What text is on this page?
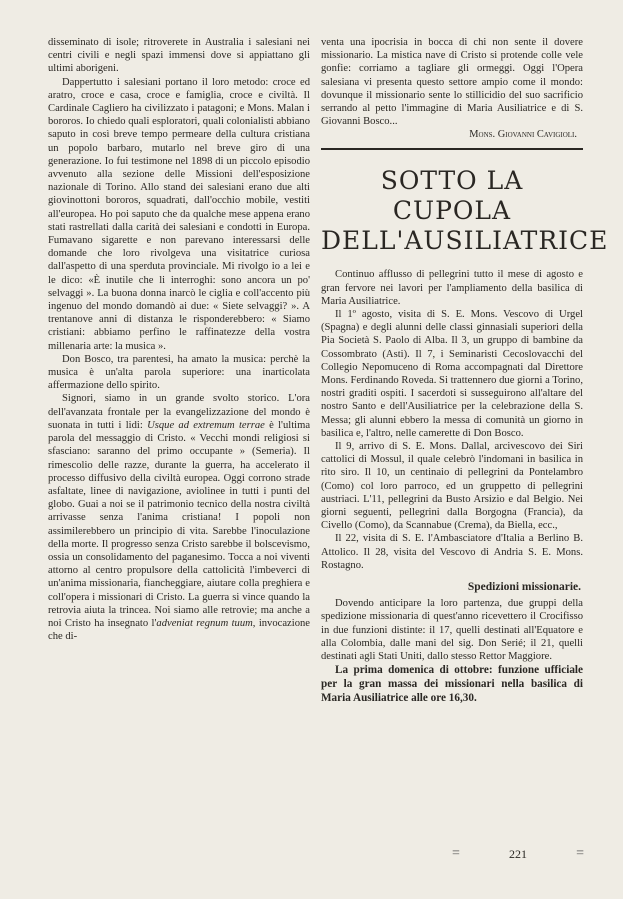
disseminato di isole; ritroverete in Australia i salesiani nei centri civili e negli spazi immensi dove si appiattano gli ultimi aborigeni.

Dappertutto i salesiani portano il loro metodo: croce ed aratro, croce e casa, croce e famiglia, croce e civiltà. Il Cardinale Cagliero ha civilizzato i patagoni; e Mons. Malan i bororos. Io chiedo quali esploratori, quali colonialisti abbiano saputo in così breve tempo permeare della cultura cristiana un popolo barbaro, mutarlo nel breve giro di una generazione. Io fui testimone nel 1898 di un piccolo episodio avvenuto alla sezione delle Missioni dell'esposizione nazionale di Torino. Allo stand dei salesiani erano due alti giovinottoni bororos, squadrati, dall'occhio mobile, vestiti all'europea. Ho poi saputo che da qualche mese appena erano stati rastrellati dalla carità dei salesiani e condotti in Europa. Fumavano sigarette e non parevano interessarsi delle domande che loro rivolgeva una visitatrice curiosa dall'aspetto di una sperduta provinciale. Mi rivolgo io a lei e le dico: «È inutile che li interroghi: sono ancora un po' selvaggi ». La buona donna inarcò le ciglia e coll'accento più ingenuo del mondo domandò ai due: « Siete selvaggi? ». A trentanove anni di distanza le risponderebbero: « Siamo cristiani: abbiamo perfino le raffinatezze della vostra millenaria arte: la musica ».

Don Bosco, tra parentesi, ha amato la musica: perchè la musica è un'alta parola superiore: una inarticolata affermazione dello spirito.

Signori, siamo in un grande svolto storico. L'ora dell'avanzata frontale per la evangelizzazione del mondo è suonata in tutti i lidi: Usque ad extremum terrae è l'ultima parola del messaggio di Cristo. « Vecchi mondi religiosi si sfasciano: saranno del primo occupante » (Semeria). Il rimescolio delle razze, durante la guerra, ha accelerato il processo diffusivo della civiltà europea. Oggi corrono strade asfaltate, linee di navigazione, aviolinee in tutti i punti del globo. Guai a noi se il patrimonio tecnico della nostra civiltà arrivasse senza l'anima cristiana! I popoli non assimilerebbero un principio di vita. Sarebbe l'inoculazione della morte. Il progresso senza Cristo sarebbe il bolscevismo, ossia un consolidamento del paganesimo. Tocca a noi viventi attorno al centro propulsore della cattolicità l'imbeverci di un'anima missionaria, fiancheggiare, aiutare colla preghiera e coll'opera i missionari di Cristo. La guerra si vince quando la retrovia aiuta la trincea. Noi siamo alle retrovie; ma anche a noi Cristo ha insegnato l'adveniat regnum tuum, invocazione che di-

venta una ipocrisia in bocca di chi non sente il dovere missionario. La mistica nave di Cristo si protende colle vele gonfie: corriamo a tagliare gli ormeggi. Oggi l'Opera salesiana vi presenta questo settore ampio come il mondo: dovunque il missionario sente lo stillicidio del suo sacrificio serrando al petto l'immagine di Maria Ausiliatrice e di S. Giovanni Bosco...

Mons. Giovanni Cavigioli.
SOTTO LA CUPOLA
DELL'AUSILIATRICE

Continuo afflusso di pellegrini tutto il mese di agosto e gran fervore nei lavori per l'ampliamento della basilica di Maria Ausiliatrice.

Il 1º agosto, visita di S. E. Mons. Vescovo di Urgel (Spagna) e degli alunni delle classi ginnasiali superiori della Pia Società S. Paolo di Alba. Il 3, un gruppo di bambine da Cossombrato (Asti). Il 7, i Seminaristi Cecoslovacchi del Collegio Nepomuceno di Roma accompagnati dal Direttore Mons. Ferdinando Roveda. Si trattennero due giorni a Torino, nostri graditi ospiti. I sacerdoti si susseguirono all'altare del nostro Santo e dell'Ausiliatrice per la celebrazione della S. Messa; gli alunni ebbero la messa di comunità un giorno in basilica e, l'altro, nelle camerette di Don Bosco.

Il 9, arrivo di S. E. Mons. Dallal, arcivescovo dei Siri cattolici di Mossul, il quale celebrò l'indomani in basilica in rito siro. Il 10, un centinaio di pellegrini da Pontelambro (Como) col loro parroco, ed un gruppetto di pellegrini austriaci. L'11, pellegrini da Busto Arsizio e dal Belgio. Nei giorni seguenti, pellegrini dalla Borgogna (Francia), da Civello (Como), da Scannabue (Crema), da Biella, ecc.,

Il 22, visita di S. E. l'Ambasciatore d'Italia a Berlino B. Attolico. Il 28, visita del Vescovo di Andria S. E. Mons. Rostagno.

Spedizioni missionarie.

Dovendo anticipare la loro partenza, due gruppi della spedizione missionaria di quest'anno ricevettero il Crocifisso in due funzioni distinte: il 17, quelli destinati all'Equatore e alla Colombia, dalle mani del sig. Don Serié; il 21, quelli destinati agli Stati Uniti, dallo stesso Rettor Maggiore.

La prima domenica di ottobre: funzione ufficiale per la gran massa dei missionari nella basilica di Maria Ausiliatrice alle ore 16,30.

=	221	=
